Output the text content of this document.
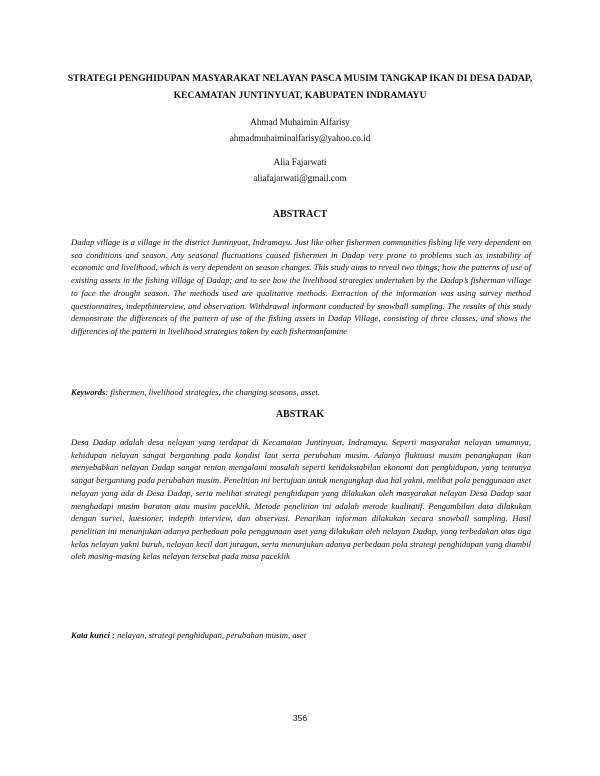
STRATEGI PENGHIDUPAN MASYARAKAT NELAYAN PASCA MUSIM TANGKAP IKAN DI DESA DADAP, KECAMATAN JUNTINYUAT, KABUPATEN INDRAMAYU
Ahmad Muhaimin Alfarisy
ahmadmuhaiminalfarisy@yahoo.co.id
Alia Fajarwati
aliafajarwati@gmail.com
ABSTRACT
Dadap village is a village in the district Juntinyuat, Indramayu. Just like other fishermen communities fishing life very dependent on sea conditions and season. Any seasonal fluctuations caused fishermen in Dadap very prone to problems such as instability of economic and livelihood, which is very dependent on season changes. This study aims to reveal two things; how the patterns of use of existing assets in the fishing village of Dadap; and to see how the livelihood strategies undertaken by the Dadap’s fisherman village to face the drought season. The methods used are qualitative methods. Extraction of the information was using survey method questionnaires, indepthinterview, and observation. Withdrawal informant conducted by snowball sampling. The results of this study demonstrate the differences of the pattern of use of the fishing assets in Dadap Village, consisting of three classes, and shows the differences of the pattern in livelihood strategies taken by each fishermanfamine
Keywords: fishermen, livelihood strategies, the changing seasons, asset.
ABSTRAK
Desa Dadap adalah desa nelayan yang terdapat di Kecamatan Juntinyuat, Indramayu. Seperti masyarakat nelayan umumnya, kehidupan nelayan sangat bergantung pada kondisi laut serta perubahan musim. Adanya fluktuasi musim penangkapan ikan menyebabkan nelayan Dadap sangat rentan mengalami masalah seperti ketidakstabilan ekonomi dan penghidupan, yang tentunya sangat bergantung pada perubahan musim. Penelitian ini bertujuan untuk mengungkap dua hal yakni, melihat pola penggunaan aset nelayan yang ada di Desa Dadap, serta melihat strategi penghidupan yang dilakukan oleh masyarakat nelayan Desa Dadap saat menghadapi musim baratan atau musim paceklik. Metode penelitian ini adalah metode kualitatif. Pengambilan data dilakukan dengan survei, kuesioner, indepth interview, dan observasi. Penarikan informan dilakukan secara snowball sampling. Hasil penelitian ini menunjukan adanya perbedaan pola penggunaan aset yang dilakukan oleh nelayan Dadap, yang terbedakan atas tiga kelas nelayan yakni buruh, nelayan kecil dan juragan, serta menunjukan adanya perbedaan pola strategi penghidupan yang diambil oleh masing-masing kelas nelayan tersebut pada masa paceklik
Kata kunci : nelayan, strategi penghidupan, perubahan musim, aset
356
